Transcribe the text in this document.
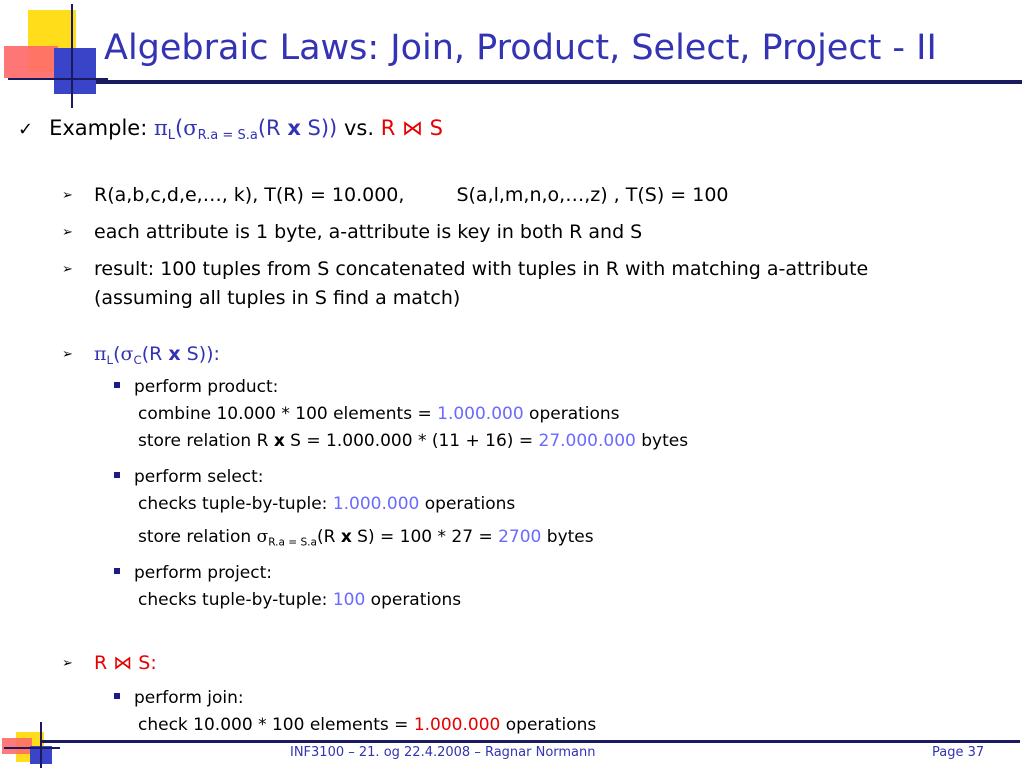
Algebraic Laws: Join, Product, Select, Project - II
✓ Example: $\pi_L(\sigma_{R.a = S.a}(R$ x S)) vs. R ⋈ S
➢ R(a,b,c,d,e,…, k), T(R) = 10.000,	S(a,l,m,n,o,…,z) , T(S) = 100
➢ each attribute is 1 byte, a-attribute is key in both R and S
➢ result: 100 tuples from S concatenated with tuples in R with matching a-attribute
(assuming all tuples in S find a match)
➢ $\pi_L(\sigma_C(R$ x S)):
perform product:
combine 10.000 * 100 elements = 1.000.000 operations
store relation R x S = 1.000.000 * (11 + 16) = 27.000.000 bytes
perform select:
checks tuple-by-tuple: 1.000.000 operations
store relation $\sigma_{R.a = S.a}(R$ x S) = 100 * 27 = 2700 bytes
perform project:
checks tuple-by-tuple: 100 operations
➢ R ⋈ S:
perform join:
check 10.000 * 100 elements = 1.000.000 operations
INF3100 – 21. og 22.4.2008 – Ragnar Normann	Page 37
